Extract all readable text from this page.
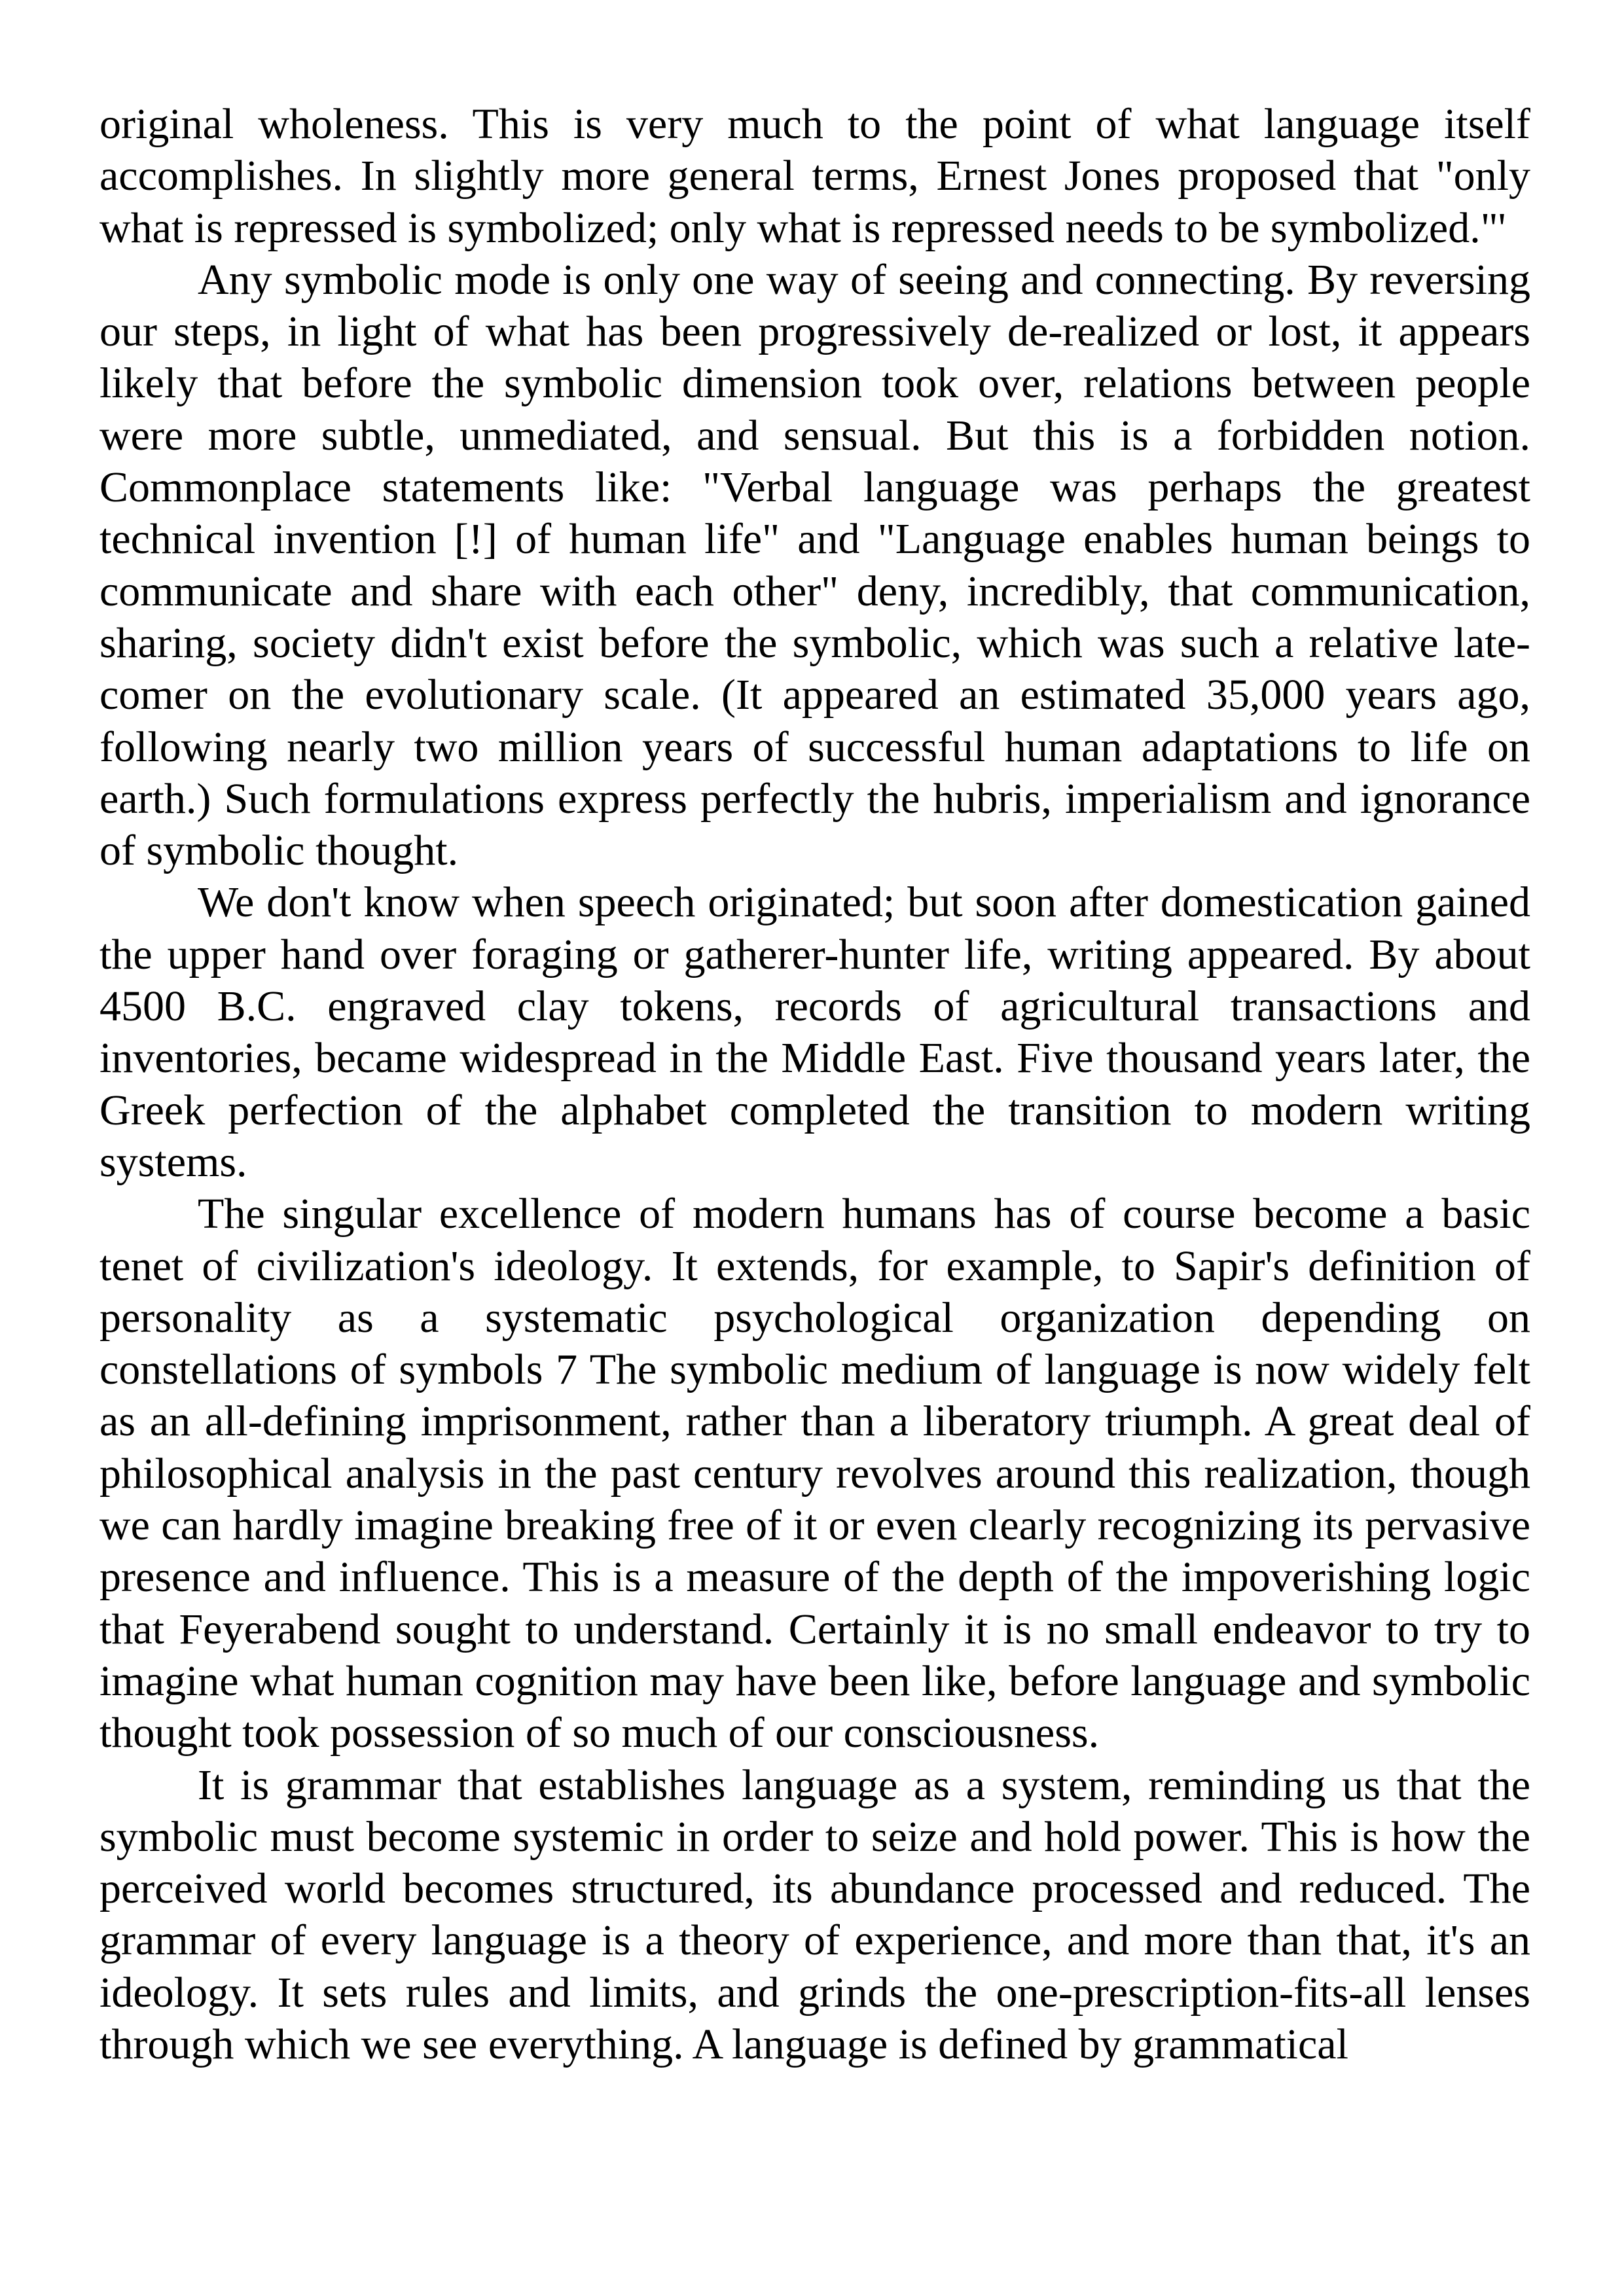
original wholeness. This is very much to the point of what language itself accomplishes. In slightly more general terms, Ernest Jones proposed that "only what is repressed is symbolized; only what is repressed needs to be symbolized."'

Any symbolic mode is only one way of seeing and connecting. By reversing our steps, in light of what has been progressively de-realized or lost, it appears likely that before the symbolic dimension took over, relations between people were more subtle, unmediated, and sensual. But this is a forbidden notion. Commonplace statements like: "Verbal language was perhaps the greatest technical invention [!] of human life" and "Language enables human beings to communicate and share with each other" deny, incredibly, that communication, sharing, society didn't exist before the symbolic, which was such a relative late-comer on the evolutionary scale. (It appeared an estimated 35,000 years ago, following nearly two million years of successful human adaptations to life on earth.) Such formulations express perfectly the hubris, imperialism and ignorance of symbolic thought.

We don't know when speech originated; but soon after domestication gained the upper hand over foraging or gatherer-hunter life, writing appeared. By about 4500 B.C. engraved clay tokens, records of agricultural transactions and inventories, became widespread in the Middle East. Five thousand years later, the Greek perfection of the alphabet completed the transition to modern writing systems.

The singular excellence of modern humans has of course become a basic tenet of civilization's ideology. It extends, for example, to Sapir's definition of personality as a systematic psychological organization depending on constellations of symbols 7 The symbolic medium of language is now widely felt as an all-defining imprisonment, rather than a liberatory triumph. A great deal of philosophical analysis in the past century revolves around this realization, though we can hardly imagine breaking free of it or even clearly recognizing its pervasive presence and influence. This is a measure of the depth of the impoverishing logic that Feyerabend sought to understand. Certainly it is no small endeavor to try to imagine what human cognition may have been like, before language and symbolic thought took possession of so much of our consciousness.

It is grammar that establishes language as a system, reminding us that the symbolic must become systemic in order to seize and hold power. This is how the perceived world becomes structured, its abundance processed and reduced. The grammar of every language is a theory of experience, and more than that, it's an ideology. It sets rules and limits, and grinds the one-prescription-fits-all lenses through which we see everything. A language is defined by grammatical
